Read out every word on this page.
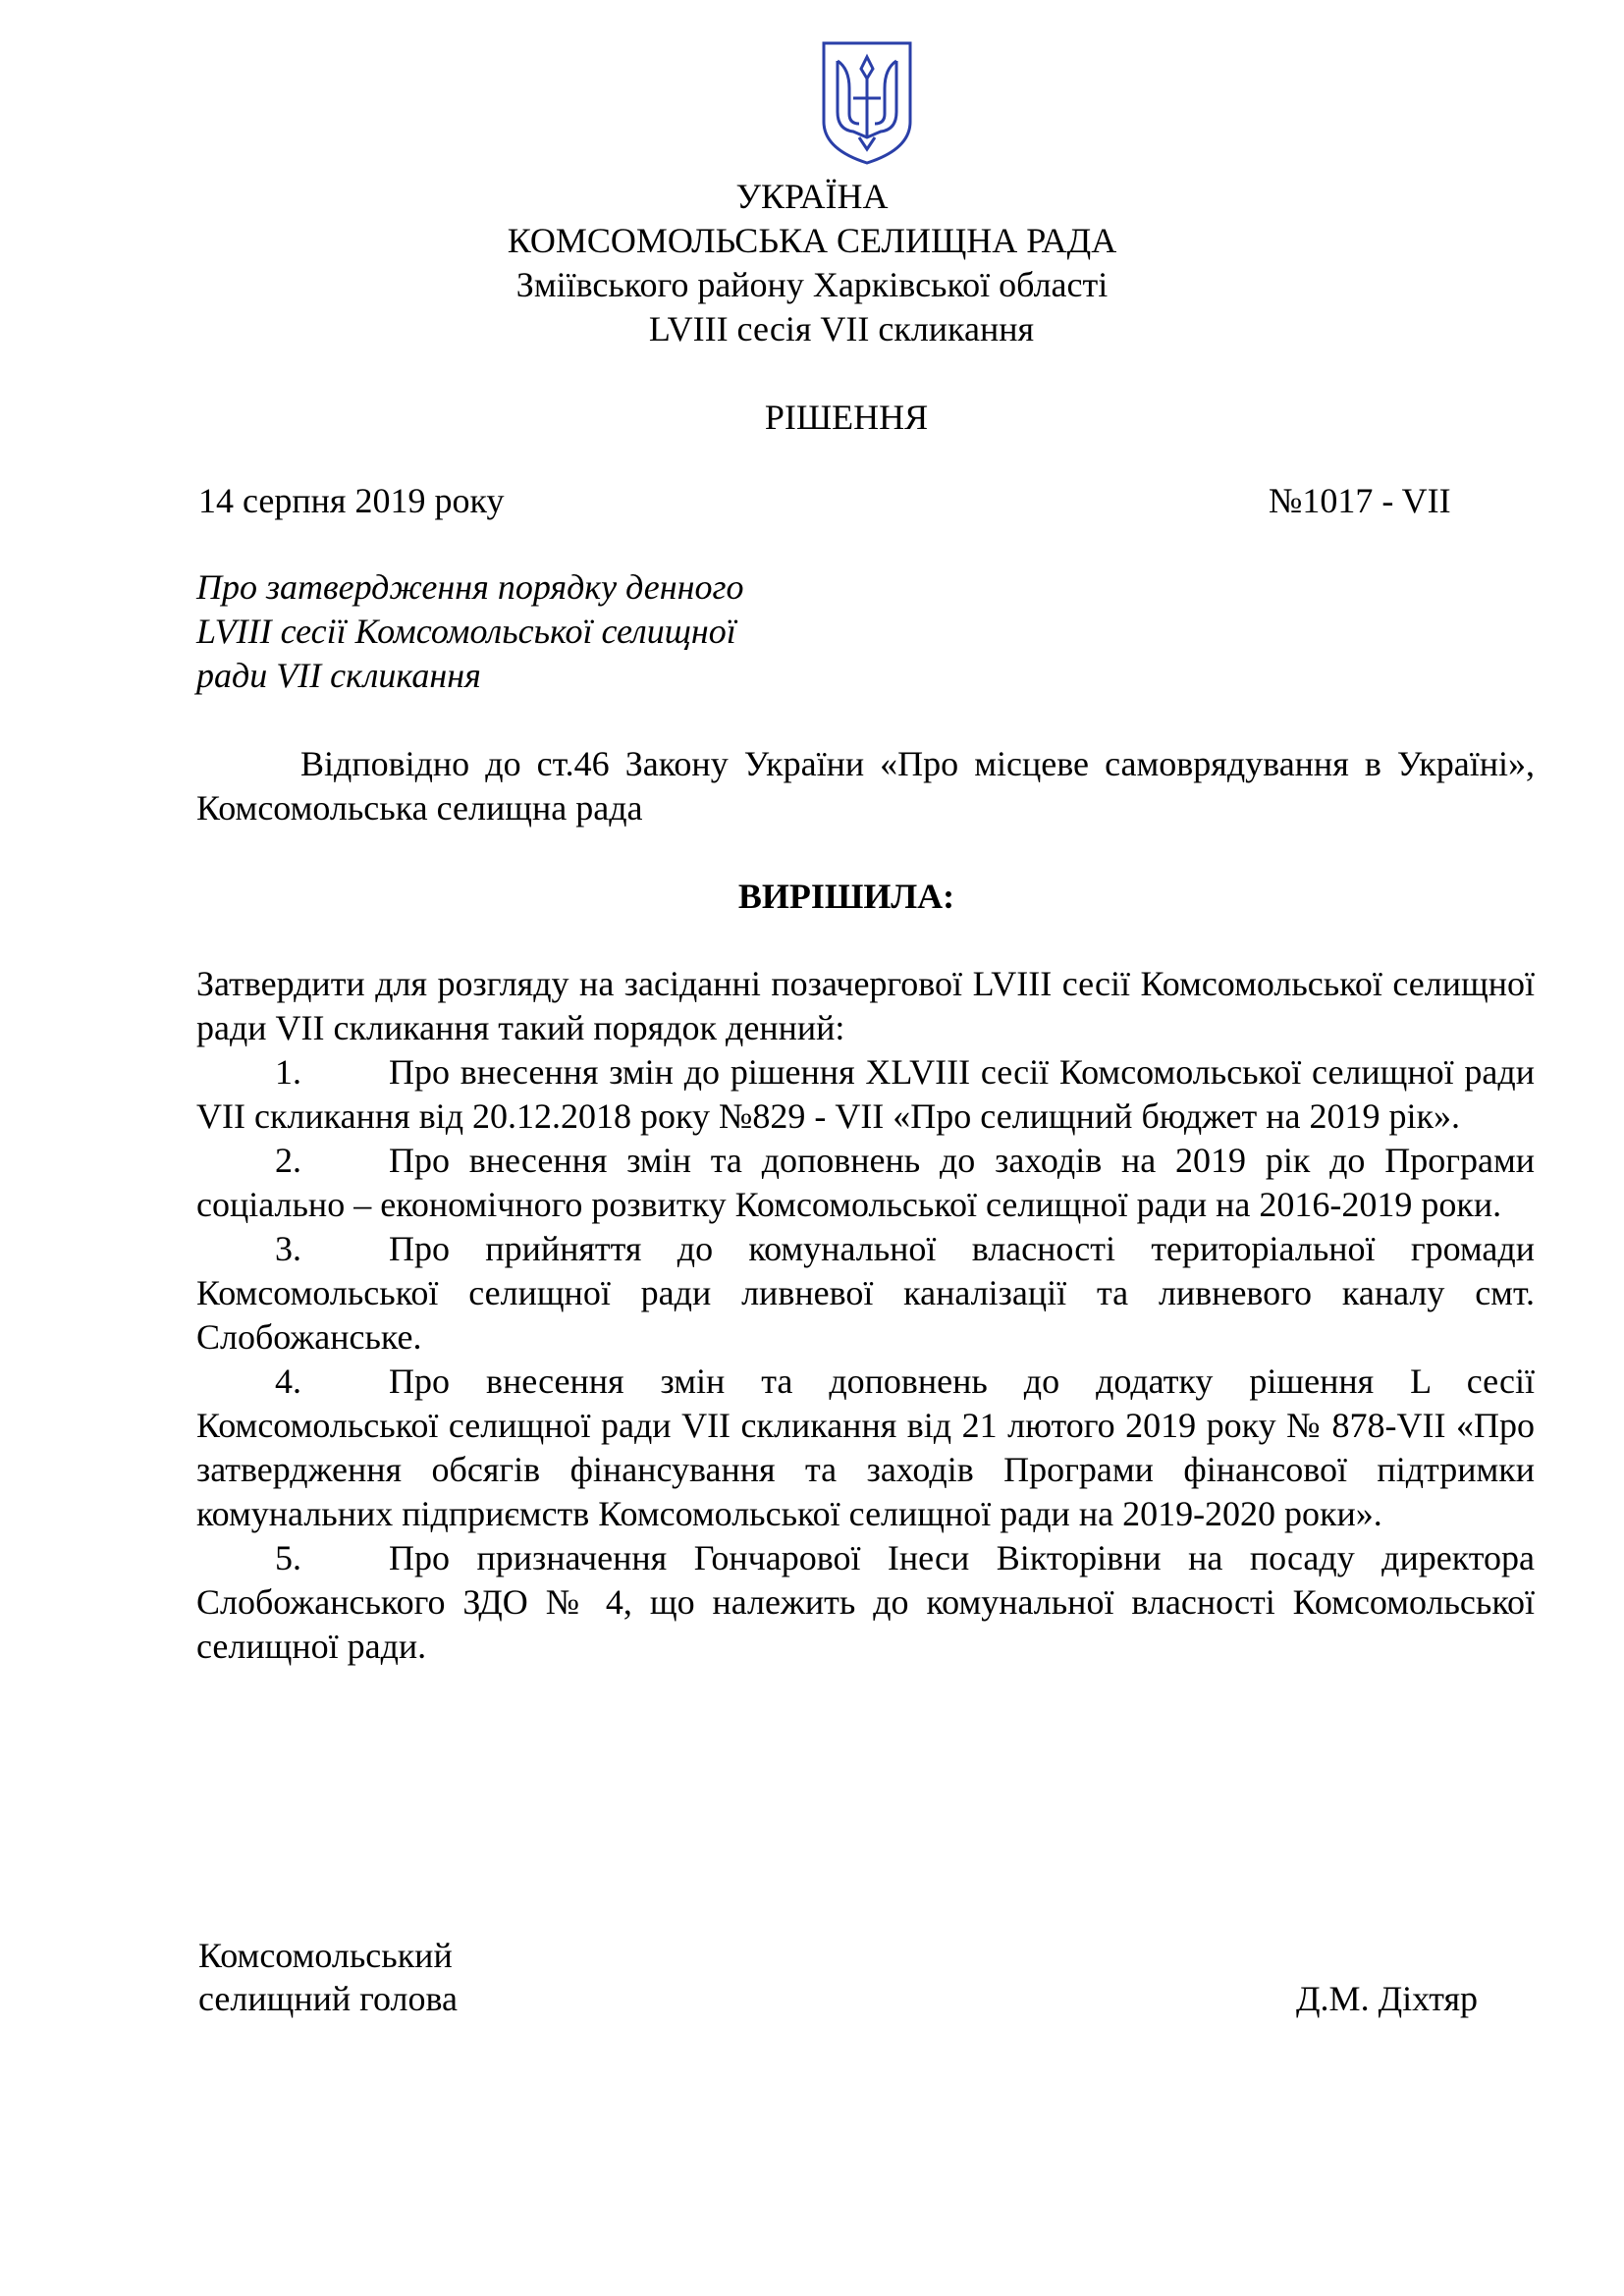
УКРАЇНА
КОМСОМОЛЬСЬКА СЕЛИЩНА РАДА
Зміївського району Харківської області
LVIII сесія VII скликання
РІШЕННЯ
14 серпня 2019 року	№1017 - VII
Про затвердження порядку денного
LVIII сесії Комсомольської селищної
ради VII скликання
Відповідно до ст.46 Закону України «Про місцеве самоврядування в Україні», Комсомольська селищна рада
ВИРІШИЛА:
Затвердити для розгляду на засіданні позачергової LVIII сесії Комсомольської селищної ради VII скликання такий порядок денний:
1. Про внесення змін до рішення XLVIII сесії Комсомольської селищної ради VII скликання від 20.12.2018 року №829 - VII «Про селищний бюджет на 2019 рік».
2. Про внесення змін та доповнень до заходів на 2019 рік до Програми соціально – економічного розвитку Комсомольської селищної ради на 2016-2019 роки.
3. Про прийняття до комунальної власності територіальної громади Комсомольської селищної ради ливневої каналізації та ливневого каналу смт. Слобожанське.
4. Про внесення змін та доповнень до додатку рішення L сесії Комсомольської селищної ради VII скликання від 21 лютого 2019 року № 878-VII «Про затвердження обсягів фінансування та заходів Програми фінансової підтримки комунальних підприємств Комсомольської селищної ради на 2019-2020 роки».
5. Про призначення Гончарової Інеси Вікторівни на посаду директора Слобожанського ЗДО № 4, що належить до комунальної власності Комсомольської селищної ради.
Комсомольський
селищний голова	Д.М. Діхтяр
